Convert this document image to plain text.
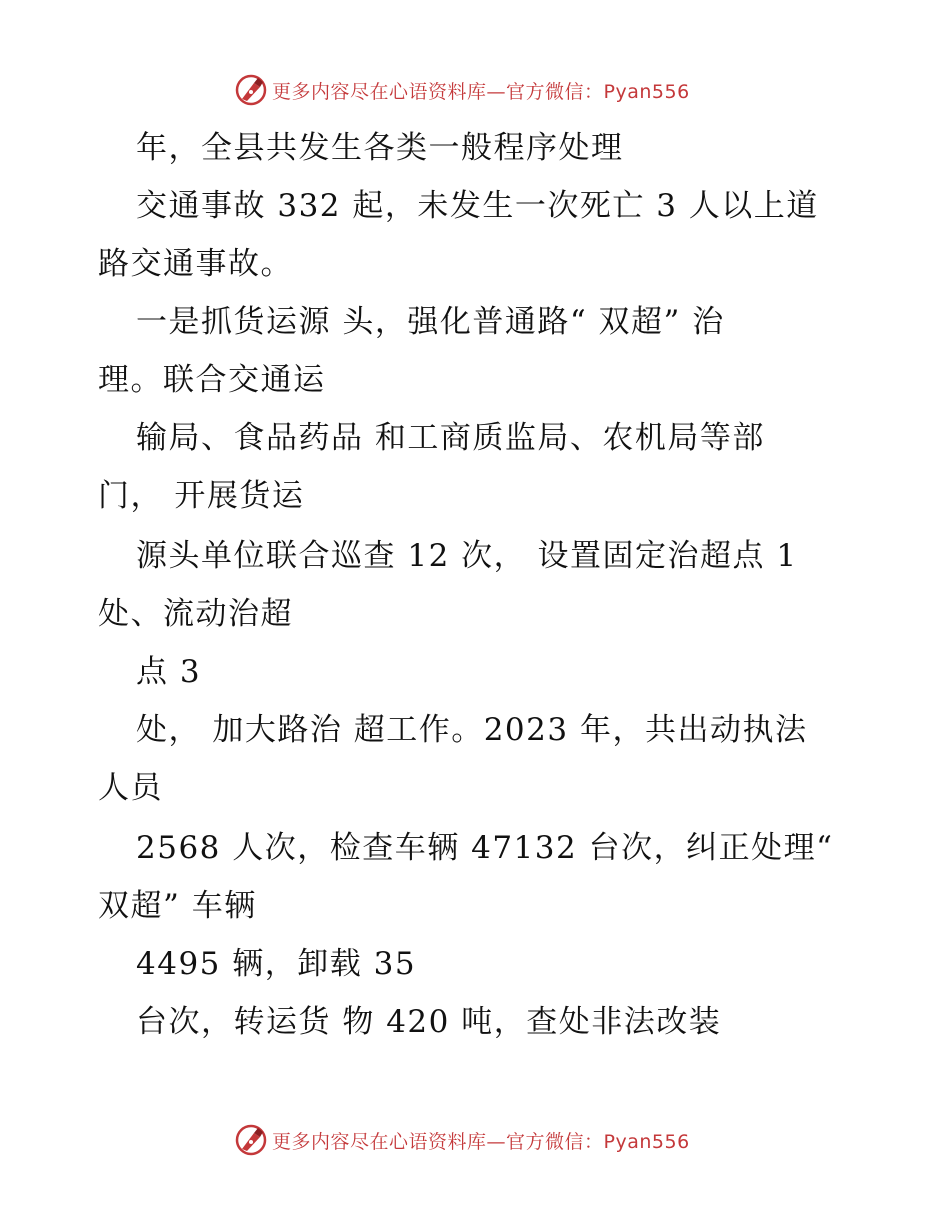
更多内容尽在心语资料库—官方微信：Pyan556
年，全县共发生各类一般程序处理
交通事故 332 起，未发生一次死亡 3 人以上道
路交通事故。
一是抓货运源 头，强化普通路“ 双超” 治
理。联合交通运
输局、食品药品 和工商质监局、农机局等部
门， 开展货运
源头单位联合巡查 12 次， 设置固定治超点 1
处、流动治超
点 3
处， 加大路治 超工作。2023 年，共出动执法
人员
2568 人次，检查车辆 47132 台次，纠正处理“
双超” 车辆
4495 辆，卸载 35
台次，转运货 物 420 吨，查处非法改装
更多内容尽在心语资料库—官方微信：Pyan556
